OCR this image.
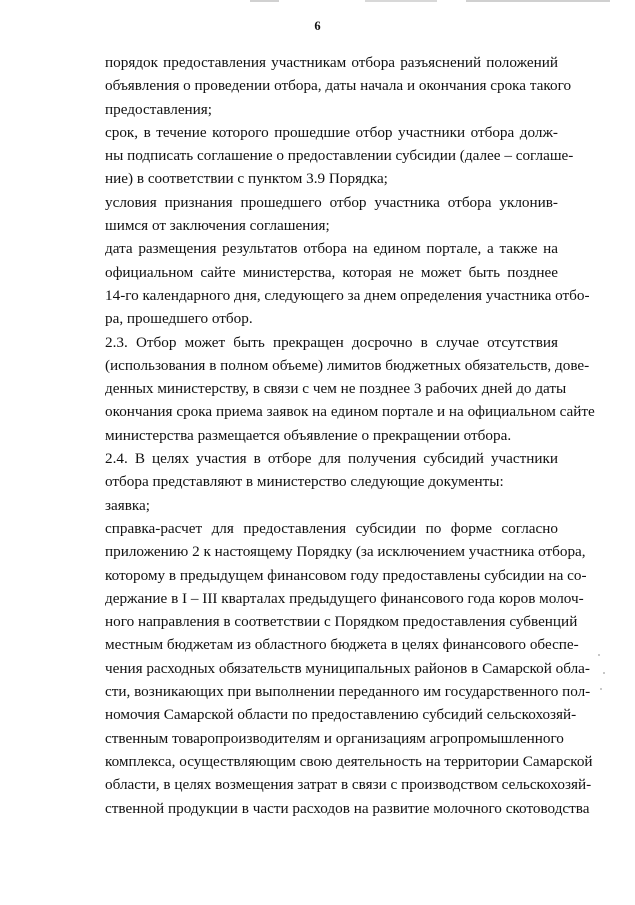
6

порядок предоставления участникам отбора разъяснений положений
объявления о проведении отбора, даты начала и окончания срока такого
предоставления;

срок, в течение которого прошедшие отбор участники отбора долж-
ны подписать соглашение о предоставлении субсидии (далее – соглаше-
ние) в соответствии с пунктом 3.9 Порядка;

условия признания прошедшего отбор участника отбора уклонив-
шимся от заключения соглашения;

дата размещения результатов отбора на едином портале, а также на
официальном сайте министерства, которая не может быть позднее
14-го календарного дня, следующего за днем определения участника отбо-
ра, прошедшего отбор.

2.3. Отбор может быть прекращен досрочно в случае отсутствия
(использования в полном объеме) лимитов бюджетных обязательств, дове-
денных министерству, в связи с чем не позднее 3 рабочих дней до даты
окончания срока приема заявок на едином портале и на официальном сайте
министерства размещается объявление о прекращении отбора.

2.4. В целях участия в отборе для получения субсидий участники
отбора представляют в министерство следующие документы:

заявка;

справка-расчет для предоставления субсидии по форме согласно
приложению 2 к настоящему Порядку (за исключением участника отбора,
которому в предыдущем финансовом году предоставлены субсидии на со-
держание в I – III кварталах предыдущего финансового года коров молоч-
ного направления в соответствии с Порядком предоставления субвенций
местным бюджетам из областного бюджета в целях финансового обеспе-
чения расходных обязательств муниципальных районов в Самарской обла-
сти, возникающих при выполнении переданного им государственного пол-
номочия Самарской области по предоставлению субсидий сельскохозяй-
ственным товаропроизводителям и организациям агропромышленного
комплекса, осуществляющим свою деятельность на территории Самарской
области, в целях возмещения затрат в связи с производством сельскохозяй-
ственной продукции в части расходов на развитие молочного скотоводства
